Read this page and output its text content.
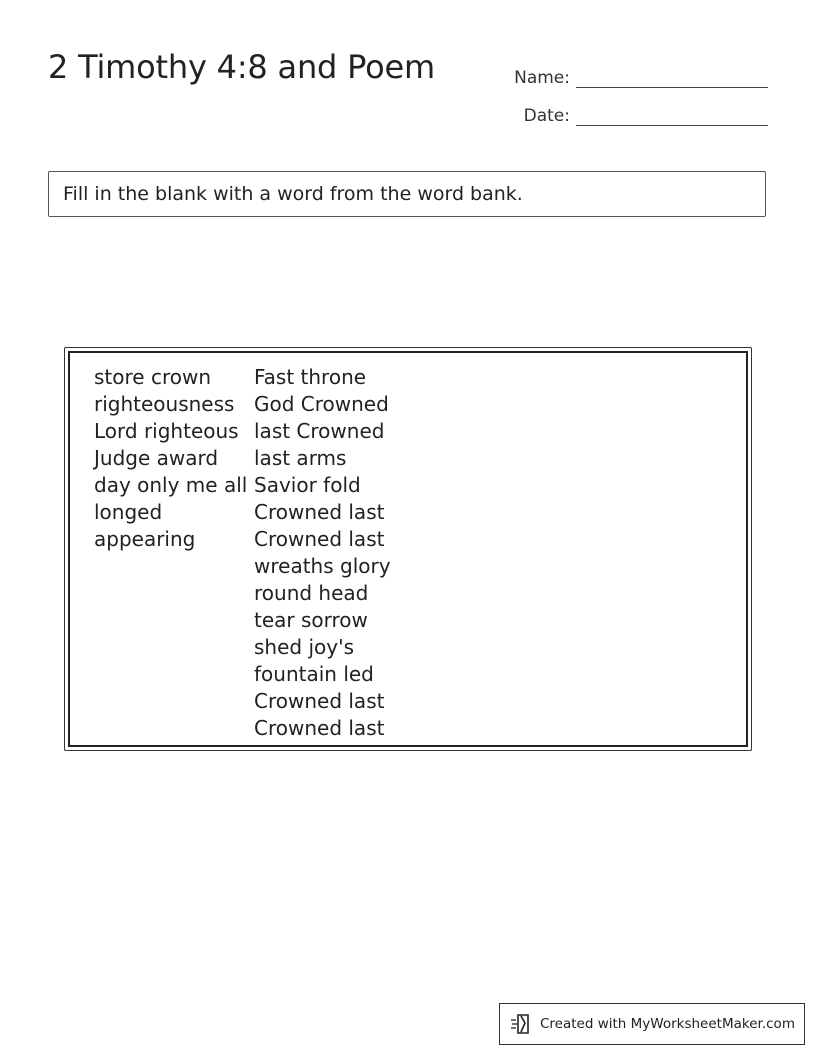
2 Timothy 4:8 and Poem	Name:
Date:
Fill in the blank with a word from the word bank.
store crown
righteousness
Lord righteous
Judge award
day only me all
longed
appearing
Fast throne
God Crowned
last Crowned
last arms
Savior fold
Crowned last
Crowned last
wreaths glory
round head
tear sorrow
shed joy's
fountain led
Crowned last
Crowned last
Created with MyWorksheetMaker.com
